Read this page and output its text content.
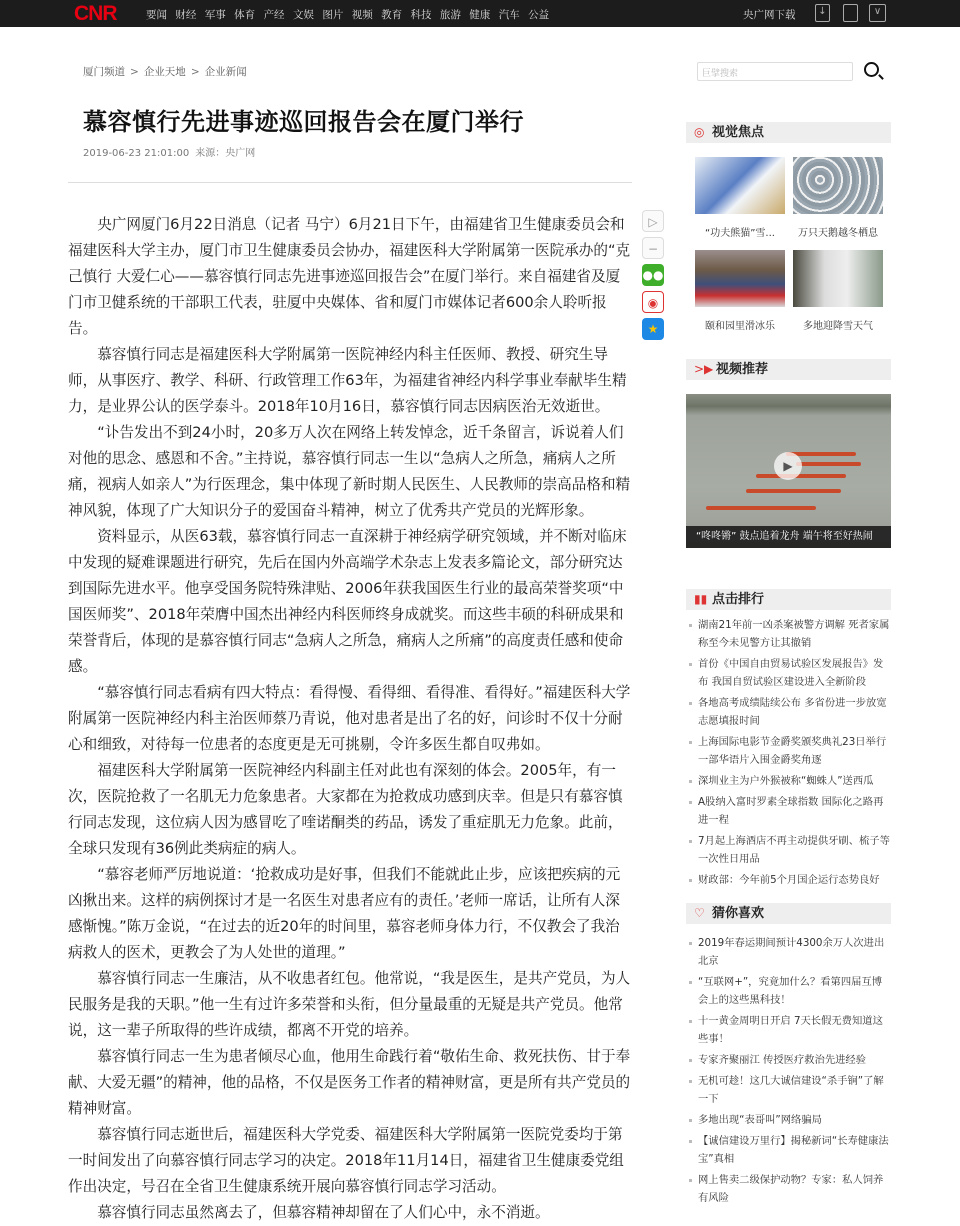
CNR	要闻 财经 军事 体育 产经 文娱 图片 视频 教育 科技 旅游 健康 汽车 公益	央广网下载	↓	∨
厦门频道 > 企业天地 > 企业新闻
慕容慎行先进事迹巡回报告会在厦门举行
2019-06-23 21:01:00 来源：央广网

央广网厦门6月22日消息（记者 马宁）6月21日下午，由福建省卫生健康委员会和福建医科大学主办，厦门市卫生健康委员会协办，福建医科大学附属第一医院承办的“克己慎行 大爱仁心——慕容慎行同志先进事迹巡回报告会”在厦门举行。来自福建省及厦门市卫健系统的干部职工代表，驻厦中央媒体、省和厦门市媒体记者600余人聆听报告。

慕容慎行同志是福建医科大学附属第一医院神经内科主任医师、教授、研究生导师，从事医疗、教学、科研、行政管理工作63年，为福建省神经内科学事业奉献毕生精力，是业界公认的医学泰斗。2018年10月16日，慕容慎行同志因病医治无效逝世。

“讣告发出不到24小时，20多万人次在网络上转发悼念，近千条留言，诉说着人们对他的思念、感恩和不舍。”主持说，慕容慎行同志一生以“急病人之所急，痛病人之所痛，视病人如亲人”为行医理念，集中体现了新时期人民医生、人民教师的崇高品格和精神风貌，体现了广大知识分子的爱国奋斗精神，树立了优秀共产党员的光辉形象。

资料显示，从医63载，慕容慎行同志一直深耕于神经病学研究领域，并不断对临床中发现的疑难课题进行研究，先后在国内外高端学术杂志上发表多篇论文，部分研究达到国际先进水平。他享受国务院特殊津贴、2006年获我国医生行业的最高荣誉奖项“中国医师奖”、2018年荣膺中国杰出神经内科医师终身成就奖。而这些丰硕的科研成果和荣誉背后，体现的是慕容慎行同志“急病人之所急，痛病人之所痛”的高度责任感和使命感。

“慕容慎行同志看病有四大特点：看得慢、看得细、看得准、看得好。”福建医科大学附属第一医院神经内科主治医师蔡乃青说，他对患者是出了名的好，问诊时不仅十分耐心和细致，对待每一位患者的态度更是无可挑剔，令许多医生都自叹弗如。

福建医科大学附属第一医院神经内科副主任对此也有深刻的体会。2005年，有一次，医院抢救了一名肌无力危象患者。大家都在为抢救成功感到庆幸。但是只有慕容慎行同志发现，这位病人因为感冒吃了喹诺酮类的药品，诱发了重症肌无力危象。此前，全球只发现有36例此类病症的病人。

“慕容老师严厉地说道：‘抢救成功是好事，但我们不能就此止步，应该把疾病的元凶揪出来。这样的病例探讨才是一名医生对患者应有的责任。’老师一席话，让所有人深感惭愧。”陈万金说，“在过去的近20年的时间里，慕容老师身体力行，不仅教会了我治病救人的医术，更教会了为人处世的道理。”

慕容慎行同志一生廉洁，从不收患者红包。他常说，“我是医生，是共产党员，为人民服务是我的天职。”他一生有过许多荣誉和头衔，但分量最重的无疑是共产党员。他常说，这一辈子所取得的些许成绩，都离不开党的培养。

慕容慎行同志一生为患者倾尽心血，他用生命践行着“敬佑生命、救死扶伤、甘于奉献、大爱无疆”的精神，他的品格，不仅是医务工作者的精神财富，更是所有共产党员的精神财富。

慕容慎行同志逝世后，福建医科大学党委、福建医科大学附属第一医院党委均于第一时间发出了向慕容慎行同志学习的决定。2018年11月14日，福建省卫生健康委党组作出决定，号召在全省卫生健康系统开展向慕容慎行同志学习活动。

慕容慎行同志虽然离去了，但慕容精神却留在了人们心中，永不消逝。

▷
−
●●
◉
★
巨擘搜索
◎ 视觉焦点
“功夫熊猫”雪...	万只天鹅越冬栖息
颐和园里滑冰乐	多地迎降雪天气
>▶ 视频推荐
▶
“咚咚锵” 鼓点追着龙舟 端午将至好热闹
▮▮ 点击排行
湖南21年前一凶杀案被警方调解 死者家属称至今未见警方让其撤销
首份《中国自由贸易试验区发展报告》发布 我国自贸试验区建设进入全新阶段
各地高考成绩陆续公布 多省份进一步放宽志愿填报时间
上海国际电影节金爵奖颁奖典礼23日举行 一部华语片入围金爵奖角逐
深圳业主为户外猴被称“蜘蛛人”送西瓜
A股纳入富时罗素全球指数 国际化之路再进一程
7月起上海酒店不再主动提供牙刷、梳子等一次性日用品
财政部：今年前5个月国企运行态势良好
♡ 猜你喜欢
2019年春运期间预计4300余万人次进出北京
“互联网+”，究竟加什么？看第四届互博会上的这些黑科技！
十一黄金周明日开启 7天长假无费知道这些事！
专家齐聚丽江 传授医疗救治先进经验
无机可趁！这几大诚信建设“杀手锏”了解一下
多地出现“表哥叫”网络骗局
【诚信建设万里行】揭秘新词“长寿健康法宝”真相
网上售卖二级保护动物？专家：私人饲养有风险
